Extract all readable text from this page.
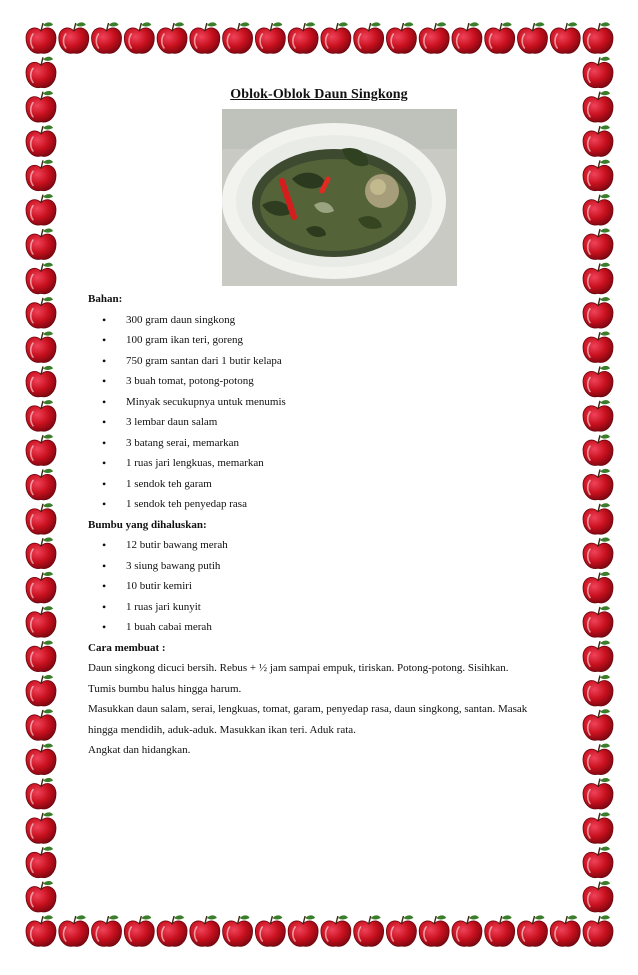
Oblok-Oblok Daun Singkong
Bahan:
• 300 gram daun singkong
• 100 gram ikan teri, goreng
• 750 gram santan dari 1 butir kelapa
• 3 buah tomat, potong-potong
• Minyak secukupnya untuk menumis
• 3 lembar daun salam
• 3 batang serai, memarkan
• 1 ruas jari lengkuas, memarkan
• 1 sendok teh garam
• 1 sendok teh penyedap rasa
Bumbu yang dihaluskan:
• 12 butir bawang merah
• 3 siung bawang putih
• 10 butir kemiri
• 1 ruas jari kunyit
• 1 buah cabai merah
Cara membuat :

Daun singkong dicuci bersih. Rebus + ½ jam sampai empuk, tiriskan. Potong-potong. Sisihkan.

Tumis bumbu halus hingga harum.

Masukkan daun salam, serai, lengkuas, tomat, garam, penyedap rasa, daun singkong, santan. Masak

hingga mendidih, aduk-aduk. Masukkan ikan teri. Aduk rata.

Angkat dan hidangkan.
